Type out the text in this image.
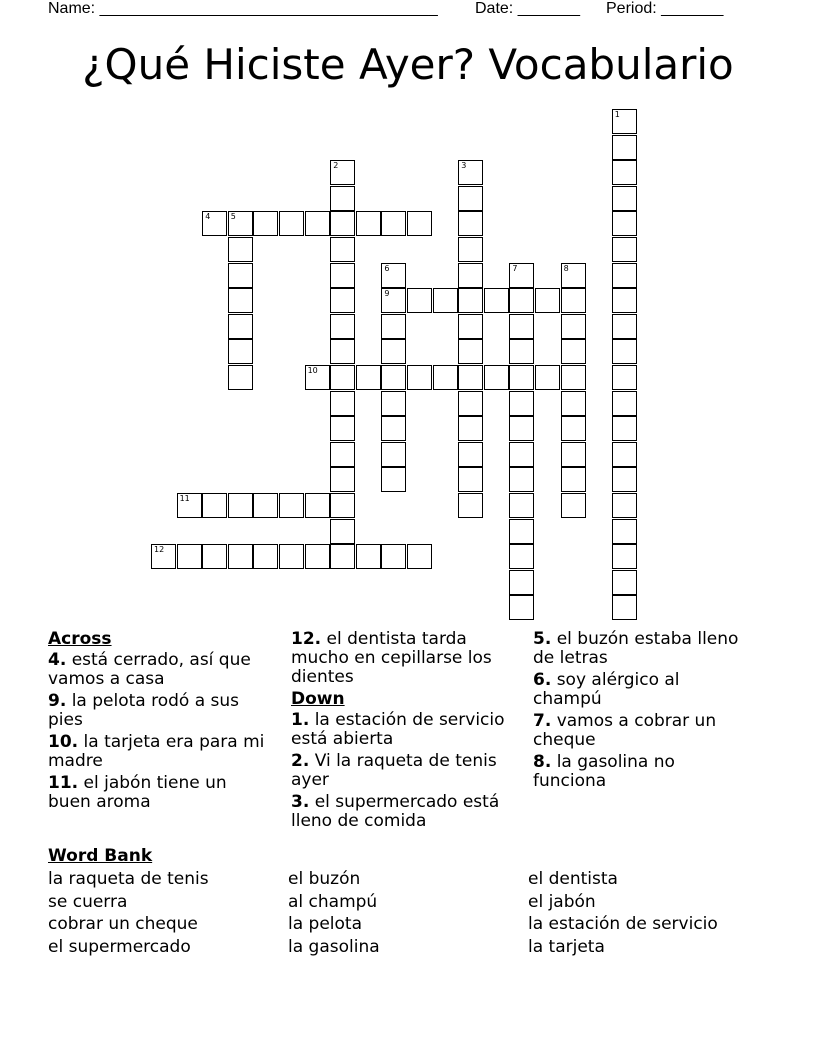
Name: ______________________________________ Date: _______ Period: _______
¿Qué Hiciste Ayer? Vocabulario
1
2	3
4	5
6
9
7	8
10
11
12
Across
4. está cerrado, así que vamos a casa
9. la pelota rodó a sus pies
10. la tarjeta era para mi madre
11. el jabón tiene un buen aroma
12. el dentista tarda mucho en cepillarse los dientes
Down
1. la estación de servicio está abierta
2. Vi la raqueta de tenis ayer
3. el supermercado está lleno de comida
5. el buzón estaba lleno de letras
6. soy alérgico al champú
7. vamos a cobrar un cheque
8. la gasolina no funciona
Word Bank
la raqueta de tenis
se cuerra
cobrar un cheque
el supermercado
el buzón
al champú
la pelota
la gasolina
el dentista
el jabón
la estación de servicio
la tarjeta
